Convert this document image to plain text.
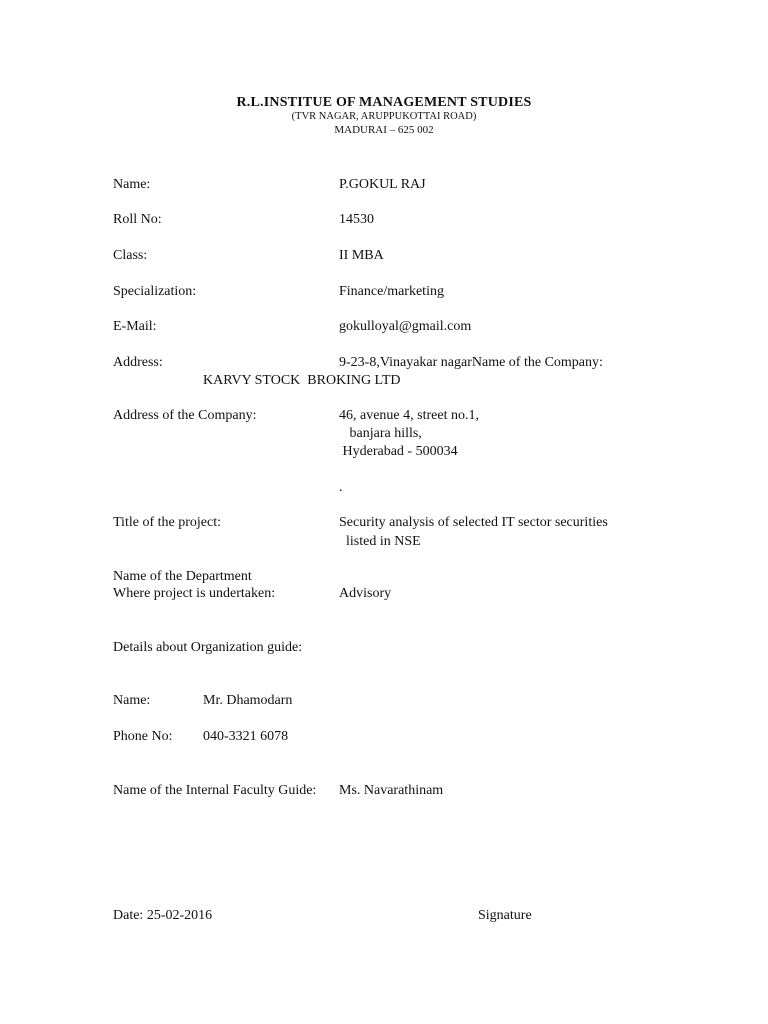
R.L.INSTITUE OF MANAGEMENT STUDIES
(TVR NAGAR, ARUPPUKOTTAI ROAD)
MADURAI – 625 002
Name:	P.GOKUL RAJ
Roll No:	14530
Class:	II MBA
Specialization:	Finance/marketing
E-Mail:	gokulloyal@gmail.com
Address:	9-23-8,Vinayakar nagarName of the Company:
KARVY STOCK  BROKING LTD
Address of the Company:	46, avenue 4, street no.1,
banjara hills,
Hyderabad - 500034
.
Title of the project:	Security analysis of selected IT sector securities
listed in NSE
Name of the Department
Where project is undertaken:	Advisory
Details about Organization guide:
Name:	Mr. Dhamodarn
Phone No: 040-3321 6078
Name of the Internal Faculty Guide: Ms. Navarathinam
Date: 25-02-2016	Signature
